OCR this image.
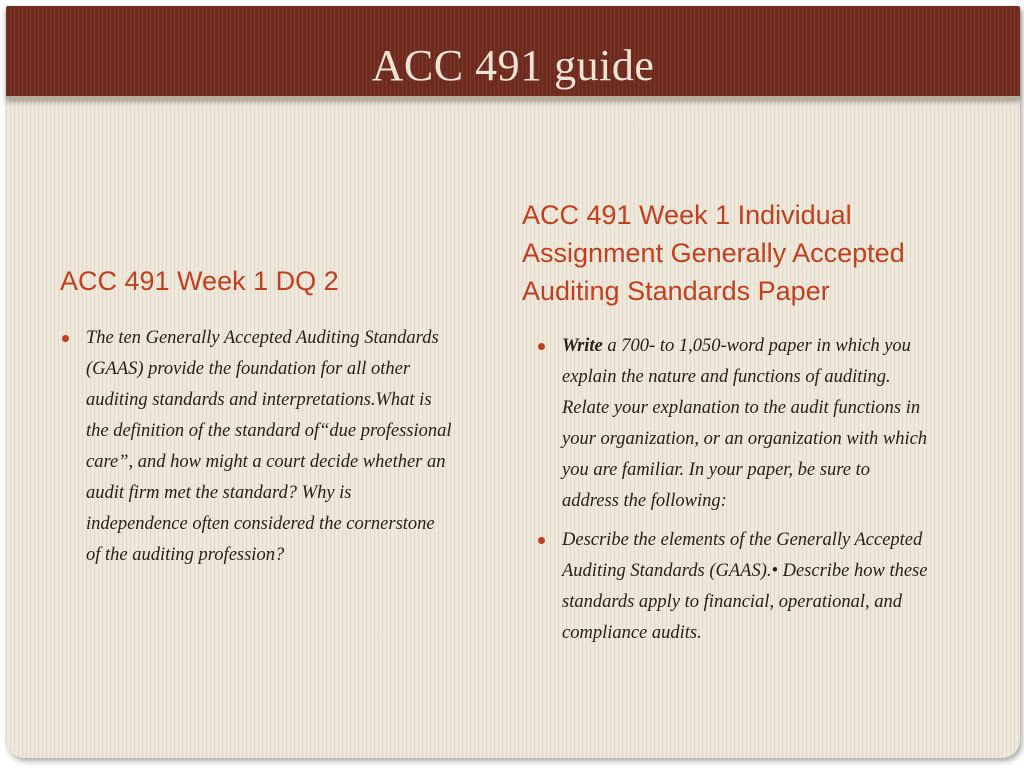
ACC 491 guide
ACC 491 Week 1 DQ 2
The ten Generally Accepted Auditing Standards (GAAS) provide the foundation for all other auditing standards and interpretations.What is the definition of the standard of“due professional care”, and how might a court decide whether an audit firm met the standard? Why is independence often considered the cornerstone of the auditing profession?
ACC 491 Week 1 Individual Assignment Generally Accepted Auditing Standards Paper
Write a 700- to 1,050-word paper in which you explain the nature and functions of auditing. Relate your explanation to the audit functions in your organization, or an organization with which you are familiar. In your paper, be sure to address the following:
Describe the elements of the Generally Accepted Auditing Standards (GAAS).• Describe how these standards apply to financial, operational, and compliance audits.
